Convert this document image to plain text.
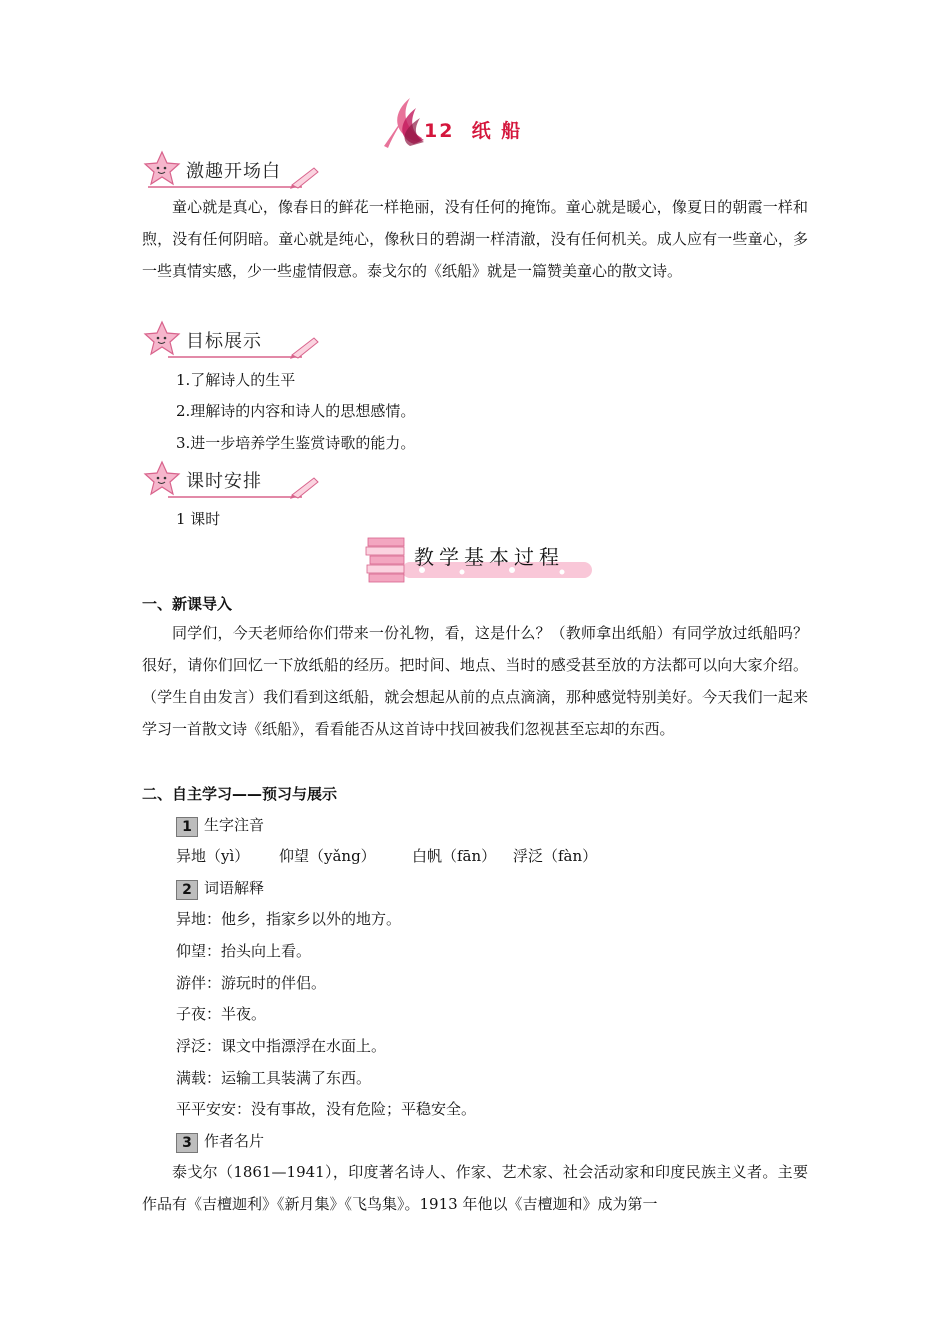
12  纸 船
激趣开场白
童心就是真心，像春日的鲜花一样艳丽，没有任何的掩饰。童心就是暖心，像夏日的朝霞一样和煦，没有任何阴暗。童心就是纯心，像秋日的碧湖一样清澈，没有任何机关。成人应有一些童心，多一些真情实感，少一些虚情假意。泰戈尔的《纸船》就是一篇赞美童心的散文诗。
目标展示
1.了解诗人的生平
2.理解诗的内容和诗人的思想感情。
3.进一步培养学生鉴赏诗歌的能力。
课时安排
1 课时
教学基本过程
一、新课导入
同学们，今天老师给你们带来一份礼物，看，这是什么？（教师拿出纸船）有同学放过纸船吗？很好，请你们回忆一下放纸船的经历。把时间、地点、当时的感受甚至放的方法都可以向大家介绍。（学生自由发言）我们看到这纸船，就会想起从前的点点滴滴，那种感觉特别美好。今天我们一起来学习一首散文诗《纸船》，看看能否从这首诗中找回被我们忽视甚至忘却的东西。
二、自主学习——预习与展示
1 生字注音
异地（yì） 仰望（yǎng） 白帆（fān） 浮泛（fàn）
2 词语解释
异地：他乡，指家乡以外的地方。
仰望：抬头向上看。
游伴：游玩时的伴侣。
子夜：半夜。
浮泛：课文中指漂浮在水面上。
满载：运输工具装满了东西。
平平安安：没有事故，没有危险；平稳安全。
3 作者名片
泰戈尔（1861—1941），印度著名诗人、作家、艺术家、社会活动家和印度民族主义者。主要作品有《吉檀迦利》《新月集》《飞鸟集》。1913 年他以《吉檀迦和》成为第一
